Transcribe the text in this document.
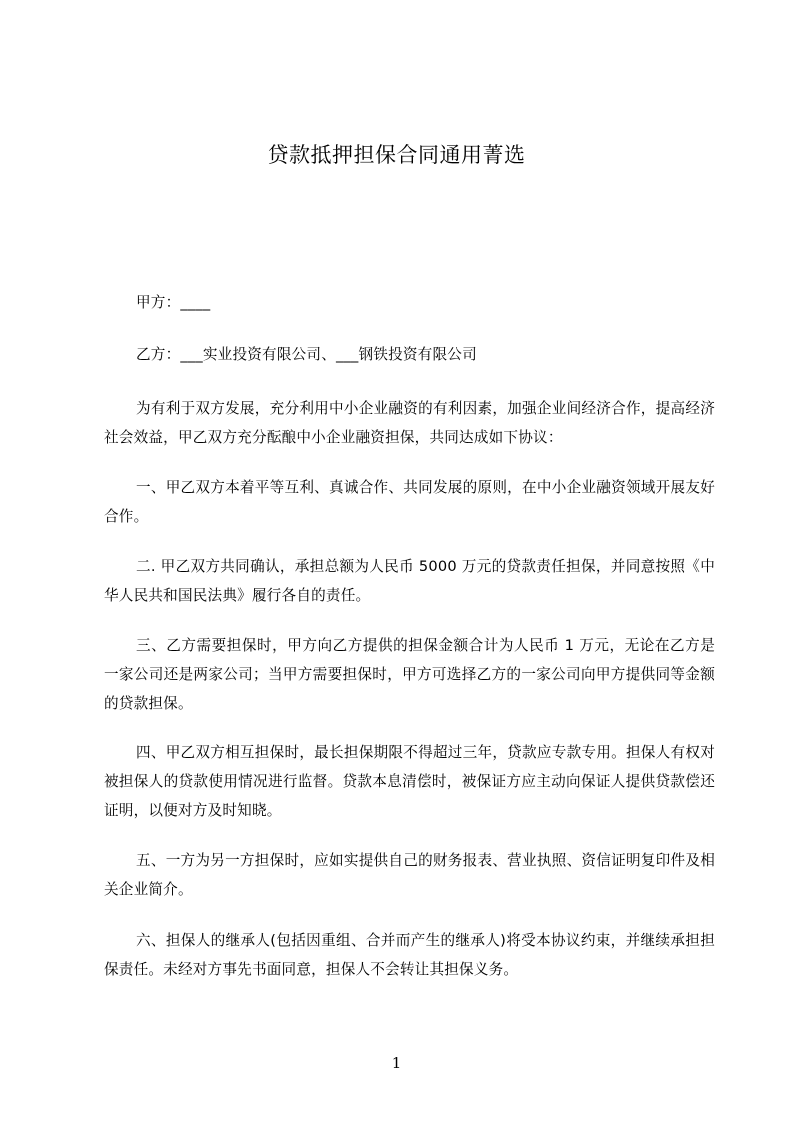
贷款抵押担保合同通用菁选
甲方：____
乙方：___实业投资有限公司、___钢铁投资有限公司
为有利于双方发展，充分利用中小企业融资的有利因素，加强企业间经济合作，提高经济社会效益，甲乙双方充分酝酿中小企业融资担保，共同达成如下协议：
一、甲乙双方本着平等互利、真诚合作、共同发展的原则，在中小企业融资领域开展友好合作。
二. 甲乙双方共同确认，承担总额为人民币 5000 万元的贷款责任担保，并同意按照《中华人民共和国民法典》履行各自的责任。
三、乙方需要担保时，甲方向乙方提供的担保金额合计为人民币 1 万元，无论在乙方是一家公司还是两家公司；当甲方需要担保时，甲方可选择乙方的一家公司向甲方提供同等金额的贷款担保。
四、甲乙双方相互担保时，最长担保期限不得超过三年，贷款应专款专用。担保人有权对被担保人的贷款使用情况进行监督。贷款本息清偿时，被保证方应主动向保证人提供贷款偿还证明，以便对方及时知晓。
五、一方为另一方担保时，应如实提供自己的财务报表、营业执照、资信证明复印件及相关企业简介。
六、担保人的继承人(包括因重组、合并而产生的继承人)将受本协议约束，并继续承担担保责任。未经对方事先书面同意，担保人不会转让其担保义务。
1
